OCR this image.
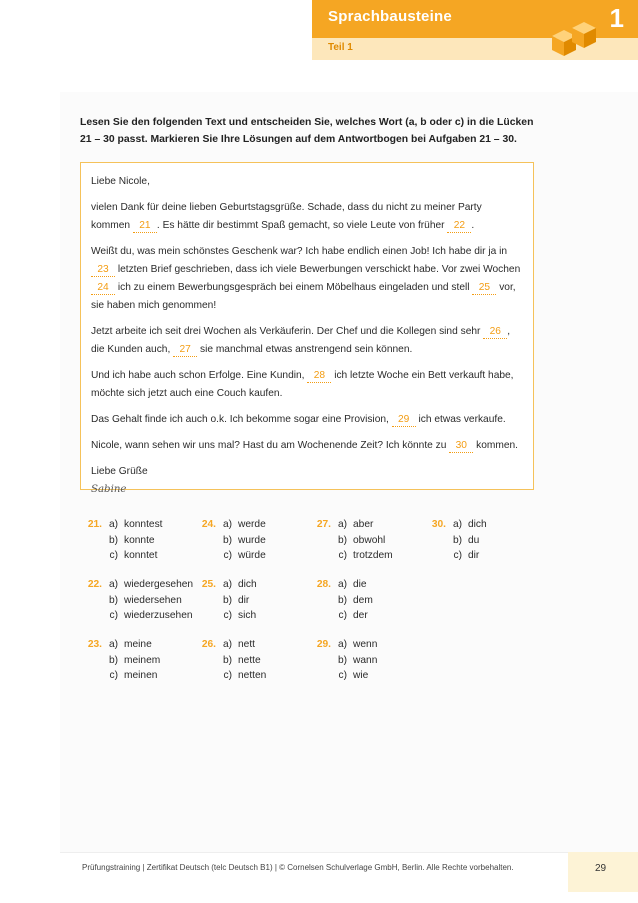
Sprachbausteine
Teil 1
1
Lesen Sie den folgenden Text und entscheiden Sie, welches Wort (a, b oder c) in die Lücken 21 – 30 passt. Markieren Sie Ihre Lösungen auf dem Antwortbogen bei Aufgaben 21 – 30.

Liebe Nicole,

vielen Dank für deine lieben Geburtstagsgrüße. Schade, dass du nicht zu meiner Party kommen 21 . Es hätte dir bestimmt Spaß gemacht, so viele Leute von früher 22 .

Weißt du, was mein schönstes Geschenk war? Ich habe endlich einen Job! Ich habe dir ja in 23 letzten Brief geschrieben, dass ich viele Bewerbungen verschickt habe. Vor zwei Wochen 24 ich zu einem Bewerbungsgespräch bei einem Möbelhaus eingeladen und stell 25 vor, sie haben mich genommen!

Jetzt arbeite ich seit drei Wochen als Verkäuferin. Der Chef und die Kollegen sind sehr 26 , die Kunden auch, 27 sie manchmal etwas anstrengend sein können.

Und ich habe auch schon Erfolge. Eine Kundin, 28 ich letzte Woche ein Bett verkauft habe, möchte sich jetzt auch eine Couch kaufen.

Das Gehalt finde ich auch o.k. Ich bekomme sogar eine Provision, 29 ich etwas verkaufe.

Nicole, wann sehen wir uns mal? Hast du am Wochenende Zeit? Ich könnte zu 30 kommen.

Liebe Grüße

Sabine

21. a) konntest
b) konnte
c) konntet
22. a) wiedergesehen
b) wiedersehen
c) wiederzusehen
23. a) meine
b) meinem
c) meinen
24. a) werde
b) wurde
c) würde
25. a) dich
b) dir
c) sich
26. a) nett
b) nette
c) netten
27. a) aber
b) obwohl
c) trotzdem
28. a) die
b) dem
c) der
29. a) wenn
b) wann
c) wie
30. a) dich
b) du
c) dir
Prüfungstraining | Zertifikat Deutsch (telc Deutsch B1) | © Cornelsen Schulverlage GmbH, Berlin. Alle Rechte vorbehalten.	29
